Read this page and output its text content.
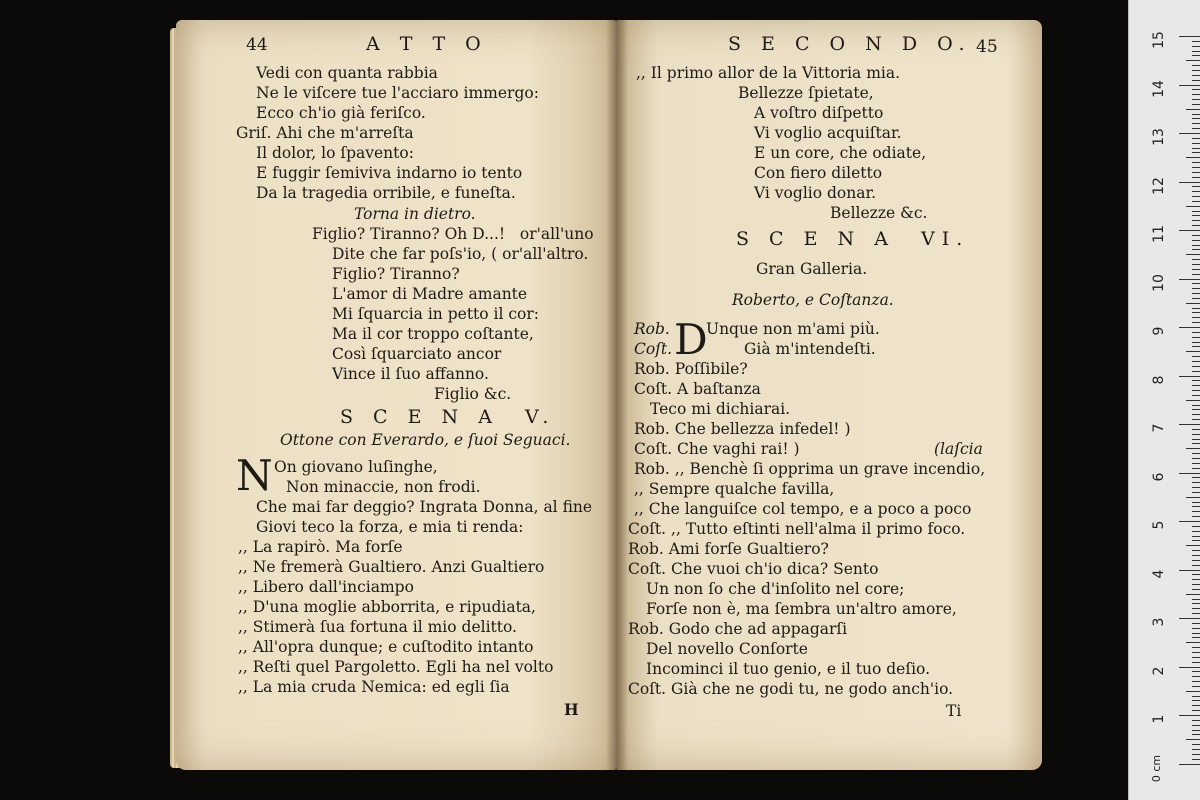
44	A T T O
Vedi con quanta rabbia
Ne le viſcere tue l'acciaro immergo:
Ecco ch'io già feriſco.
Griſ. Ahi che m'arreſta
Il dolor, lo ſpavento:
E fuggir ſemiviva indarno io tento
Da la tragedia orribile, e funeſta.
Torna in dietro.
Figlio? Tiranno? Oh D...!   or'all'uno
Dite che far poſs'io, ( or'all'altro.
Figlio? Tiranno?
L'amor di Madre amante
Mi ſquarcia in petto il cor:
Ma il cor troppo coſtante,
Così ſquarciato ancor
Vince il ſuo affanno.
Figlio &c.
S C E N A  V.
Ottone con Everardo, e ſuoi Seguaci.
N On giovano luſinghe,
Non minaccie, non frodi.
Che mai far deggio? Ingrata Donna, al fine
Giovi teco la forza, e mia ti renda:
,, La rapirò. Ma forſe
,, Ne fremerà Gualtiero. Anzi Gualtiero
,, Libero dall'inciampo
,, D'una moglie abborrita, e ripudiata,
,, Stimerà ſua fortuna il mio delitto.
,, All'opra dunque; e cuſtodito intanto
,, Reſti quel Pargoletto. Egli ha nel volto
,, La mia cruda Nemica: ed egli ſia
H
S E C O N D O. 45
,, Il primo allor de la Vittoria mia.
Bellezze ſpietate,
A voſtro diſpetto
Vi voglio acquiſtar.
E un core, che odiate,
Con fiero diletto
Vi voglio donar.
Bellezze &c.
S C E N A  VI.
Gran Galleria.
Roberto, e Coſtanza.
Rob. D
Unque non m'ami più.
Coſt.	Già m'intendeſti.
Rob. Poſſibile?
Coſt. A baſtanza
Teco mi dichiarai.
Rob. Che bellezza infedel! )
Coſt. Che vaghi rai! )	(laſcia
Rob. ,, Benchè ſi opprima un grave incendio,
,, Sempre qualche favilla,
,, Che languiſce col tempo, e a poco a poco
Coſt. ,, Tutto eſtinti nell'alma il primo foco.
Rob. Ami forſe Gualtiero?
Coſt. Che vuoi ch'io dica? Sento
Un non ſo che d'inſolito nel core;
Forſe non è, ma ſembra un'altro amore,
Rob. Godo che ad appagarſi
Del novello Conſorte
Incominci il tuo genio, e il tuo deſio.
Coſt. Già che ne godi tu, ne godo anch'io.
Ti
0 cm
15
14
13
12
11
10
9
8
7
6
5
4
3
2
1
